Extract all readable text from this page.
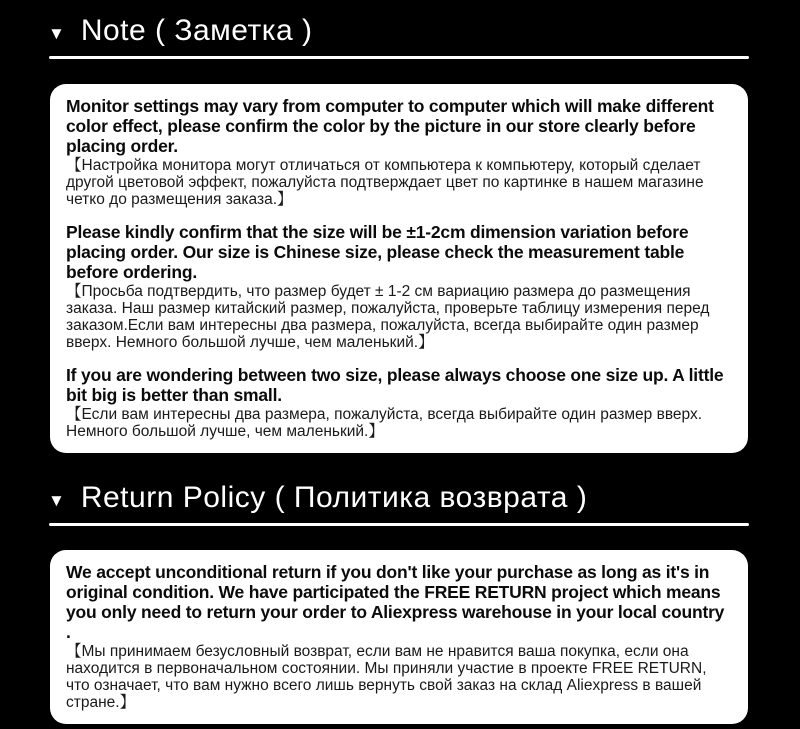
▼ Note ( Заметка )

Monitor settings may vary from computer to computer which will make different color effect, please confirm the color by the picture in our store clearly before placing order.

【Настройка монитора могут отличаться от компьютера к компьютеру, который сделает другой цветовой эффект, пожалуйста подтверждает цвет по картинке в нашем магазине четко до размещения заказа.】

Please kindly confirm that the size will be ±1-2cm dimension variation before placing order. Our size is Chinese size, please check the measurement table before ordering.

【Просьба подтвердить, что размер будет ± 1-2 см вариацию размера до размещения заказа. Наш размер китайский размер, пожалуйста, проверьте таблицу измерения перед заказом.Если вам интересны два размера, пожалуйста, всегда выбирайте один размер вверх. Немного большой лучше, чем маленький.】

If you are wondering between two size, please always choose one size up. A little bit big is better than small.

【Если вам интересны два размера, пожалуйста, всегда выбирайте один размер вверх. Немного большой лучше, чем маленький.】

▼ Return Policy ( Политика возврата )

We accept unconditional return if you don't like your purchase as long as it's in original condition. We have participated the FREE RETURN project which means you only need to return your order to Aliexpress warehouse in your local country .

【Мы принимаем безусловный возврат, если вам не нравится ваша покупка, если она находится в первоначальном состоянии. Мы приняли участие в проекте FREE RETURN, что означает, что вам нужно всего лишь вернуть свой заказ на склад Aliexpress в вашей стране.】
